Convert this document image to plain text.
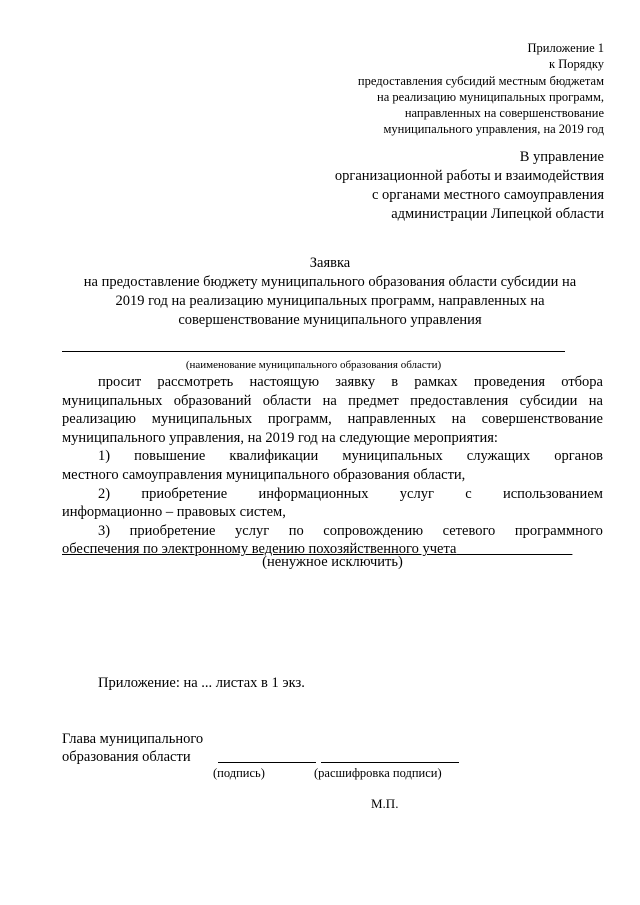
Приложение 1
к Порядку
предоставления субсидий местным бюджетам
на реализацию муниципальных программ,
направленных на совершенствование
муниципального управления, на 2019 год
В управление
организационной работы и взаимодействия
с органами местного самоуправления
администрации Липецкой области
Заявка
на предоставление бюджету муниципального образования области субсидии на
2019 год на реализацию муниципальных программ, направленных на
совершенствование муниципального управления
(наименование муниципального образования области)

просит рассмотреть настоящую заявку в рамках проведения отбора муниципальных образований области на предмет предоставления субсидии на реализацию муниципальных программ, направленных на совершенствование муниципального управления, на 2019 год на следующие мероприятия:

1) повышение квалификации муниципальных служащих органов

местного самоуправления муниципального образования области,

2) приобретение информационных услуг с использованием

информационно – правовых систем,

3) приобретение услуг по сопровождению сетевого программного

обеспечения по электронному ведению похозяйственного учета                

(ненужное исключить)
Приложение: на ... листах в 1 экз.
Глава муниципального
образования области
(подпись)	(расшифровка подписи)
М.П.
